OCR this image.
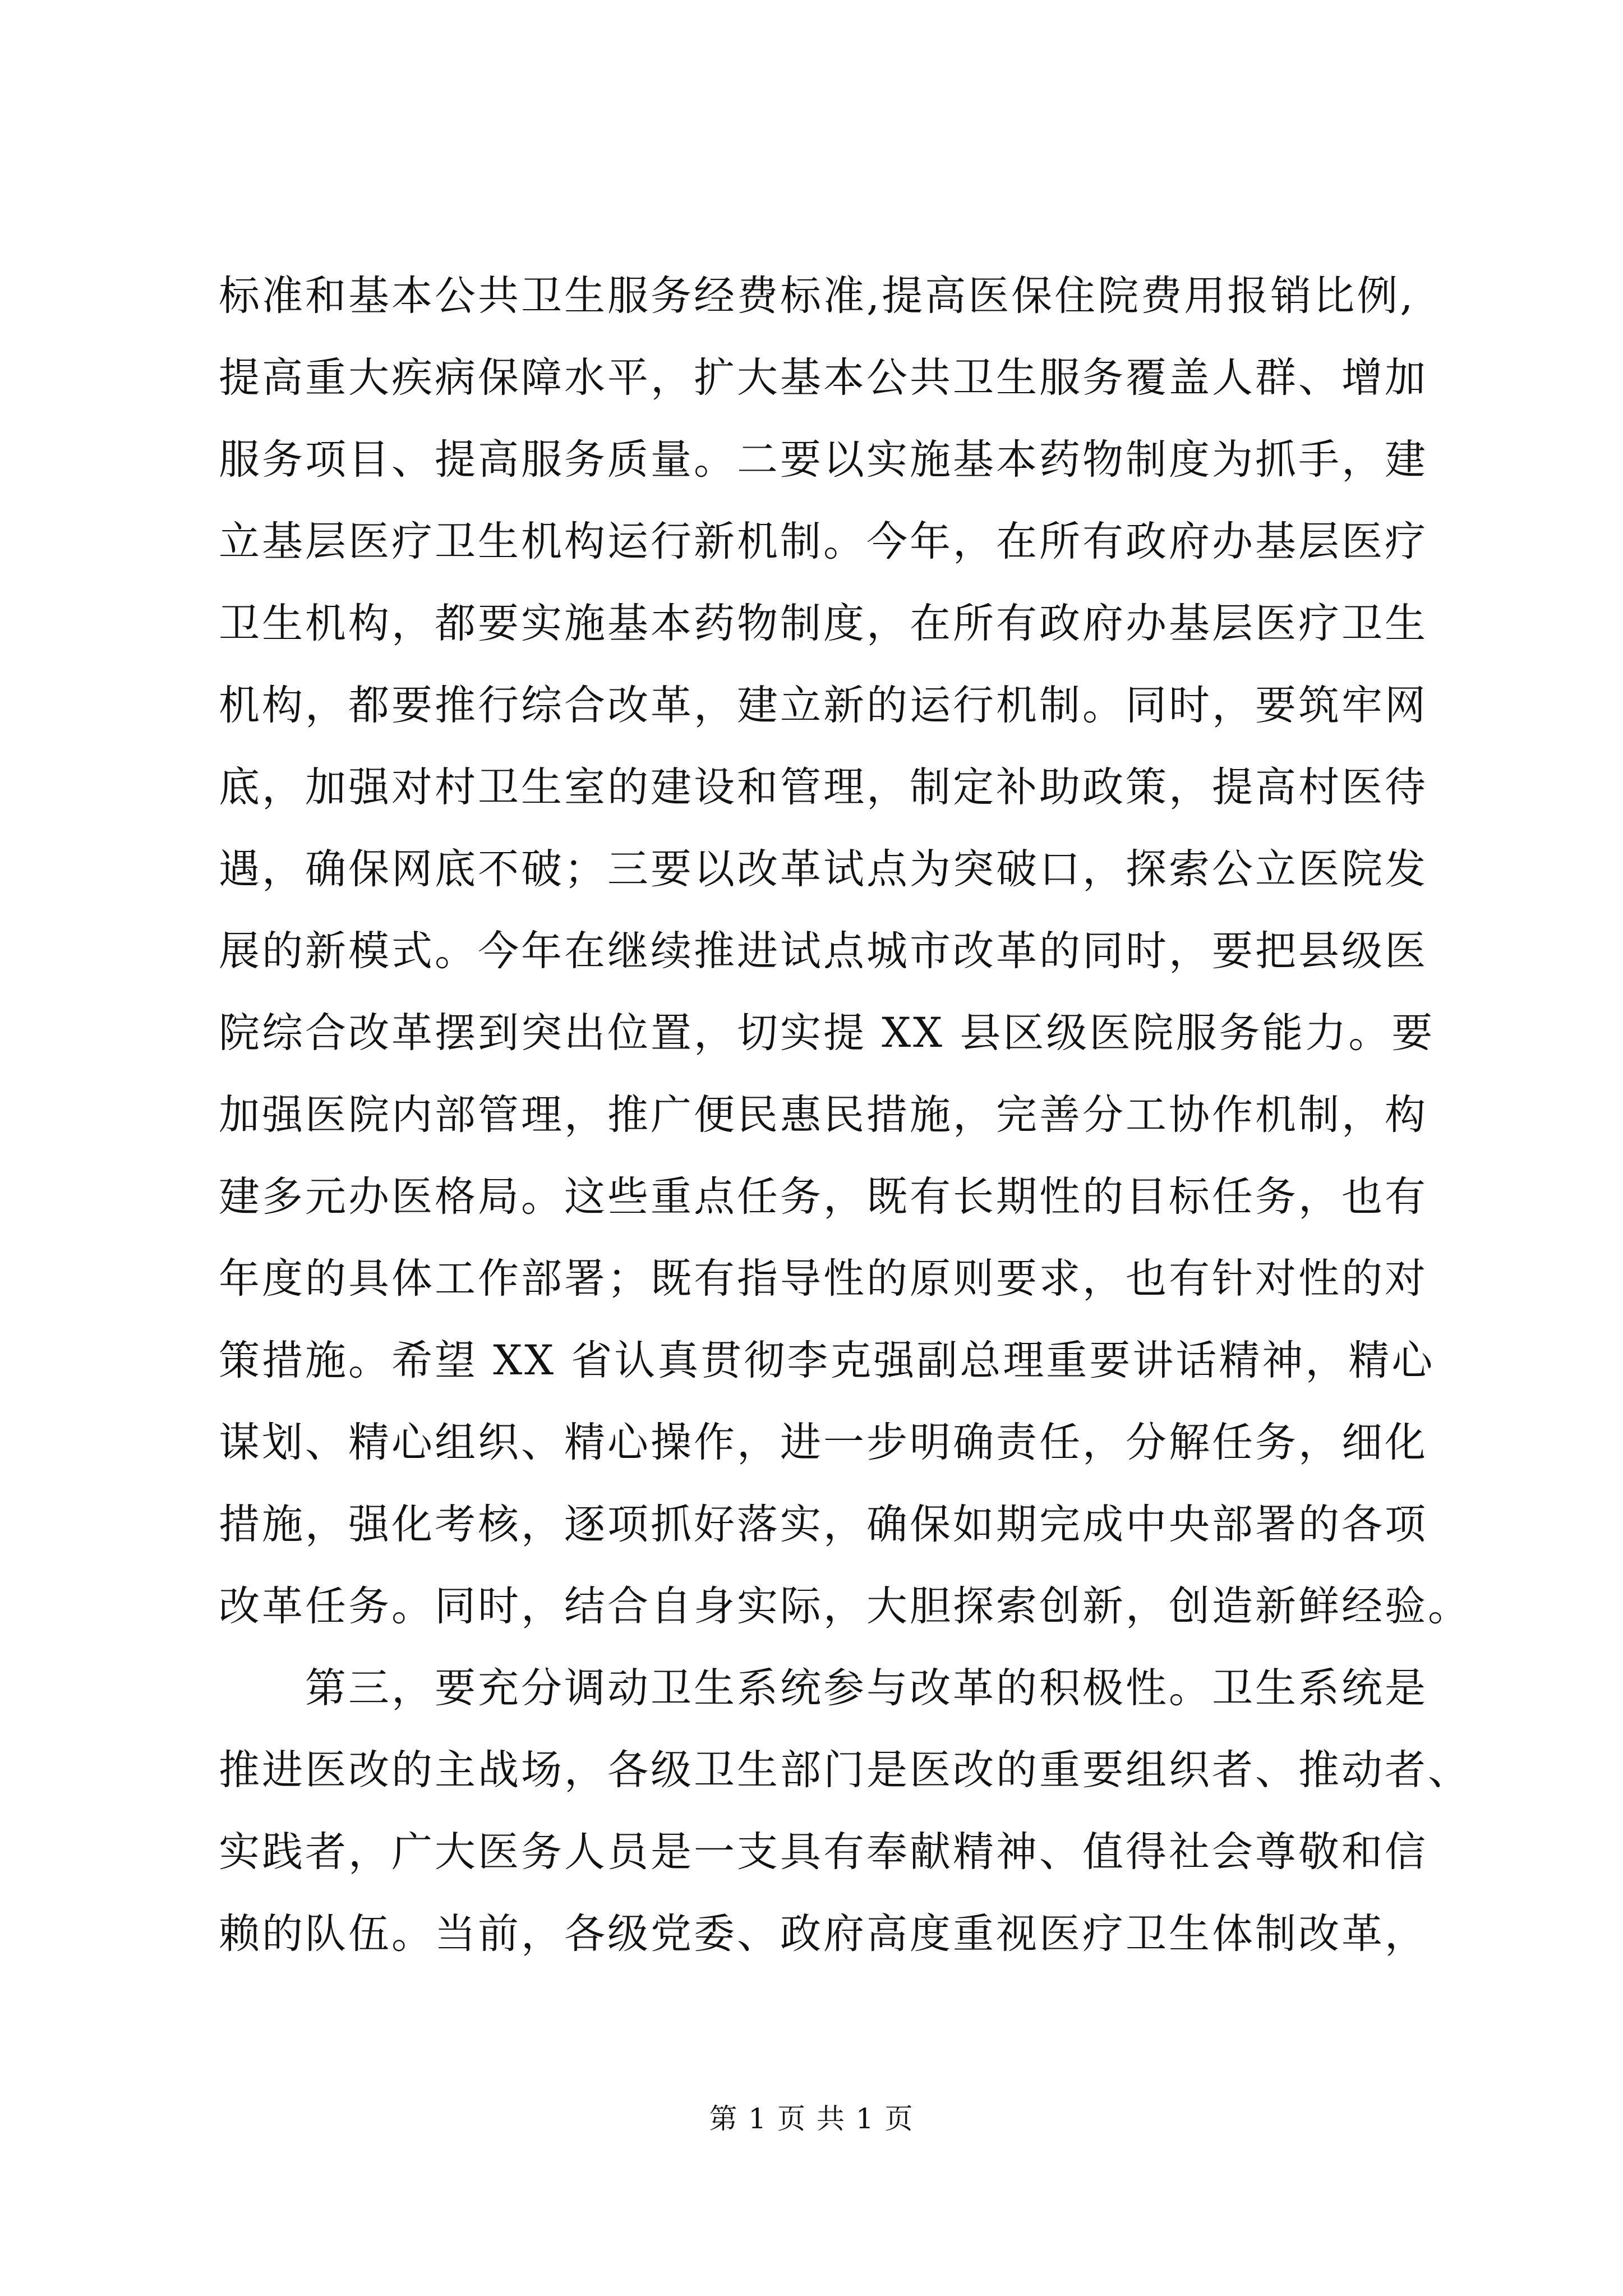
标准和基本公共卫生服务经费标准,提高医保住院费用报销比例,
提高重大疾病保障水平，扩大基本公共卫生服务覆盖人群、增加
服务项目、提高服务质量。二要以实施基本药物制度为抓手，建
立基层医疗卫生机构运行新机制。今年，在所有政府办基层医疗
卫生机构，都要实施基本药物制度，在所有政府办基层医疗卫生
机构，都要推行综合改革，建立新的运行机制。同时，要筑牢网
底，加强对村卫生室的建设和管理，制定补助政策，提高村医待
遇，确保网底不破；三要以改革试点为突破口，探索公立医院发
展的新模式。今年在继续推进试点城市改革的同时，要把县级医
院综合改革摆到突出位置，切实提 XX 县区级医院服务能力。要
加强医院内部管理，推广便民惠民措施，完善分工协作机制，构
建多元办医格局。这些重点任务，既有长期性的目标任务，也有
年度的具体工作部署；既有指导性的原则要求，也有针对性的对
策措施。希望 XX 省认真贯彻李克强副总理重要讲话精神，精心
谋划、精心组织、精心操作，进一步明确责任，分解任务，细化
措施，强化考核，逐项抓好落实，确保如期完成中央部署的各项
改革任务。同时，结合自身实际，大胆探索创新，创造新鲜经验。
　　第三，要充分调动卫生系统参与改革的积极性。卫生系统是
推进医改的主战场，各级卫生部门是医改的重要组织者、推动者、
实践者，广大医务人员是一支具有奉献精神、值得社会尊敬和信
赖的队伍。当前，各级党委、政府高度重视医疗卫生体制改革，
第 1 页 共 1 页
